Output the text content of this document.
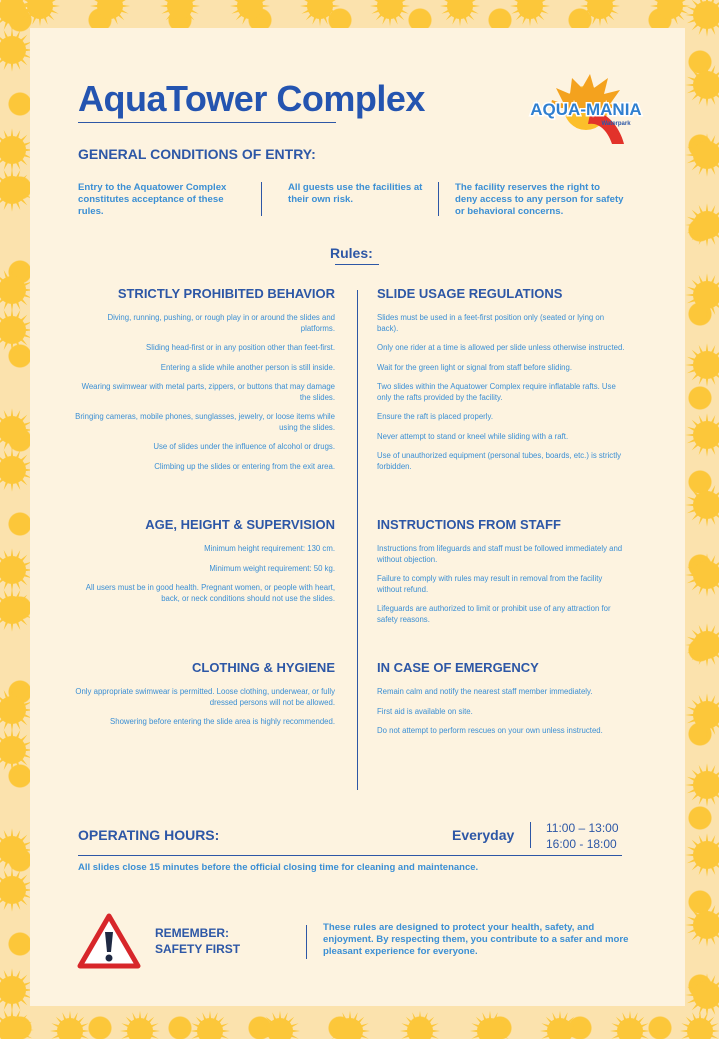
AquaTower Complex	AQUA-MANIA
Waterpark
GENERAL CONDITIONS OF ENTRY:

Entry to the Aquatower Complex constitutes acceptance of these rules.

All guests use the facilities at their own risk.

The facility reserves the right to deny access to any person for safety or behavioral concerns.

Rules:
STRICTLY PROHIBITED BEHAVIOR

Diving, running, pushing, or rough play in or around the slides and platforms.

Sliding head-first or in any position other than feet-first.

Entering a slide while another person is still inside.

Wearing swimwear with metal parts, zippers, or buttons that may damage the slides.

Bringing cameras, mobile phones, sunglasses, jewelry, or loose items while using the slides.

Use of slides under the influence of alcohol or drugs.

Climbing up the slides or entering from the exit area.

AGE, HEIGHT & SUPERVISION

Minimum height requirement: 130 cm.

Minimum weight requirement: 50 kg.

All users must be in good health. Pregnant women, or people with heart, back, or neck conditions should not use the slides.

CLOTHING & HYGIENE

Only appropriate swimwear is permitted. Loose clothing, underwear, or fully dressed persons will not be allowed.

Showering before entering the slide area is highly recommended.

SLIDE USAGE REGULATIONS

Slides must be used in a feet-first position only (seated or lying on back).

Only one rider at a time is allowed per slide unless otherwise instructed.

Wait for the green light or signal from staff before sliding.

Two slides within the Aquatower Complex require inflatable rafts. Use only the rafts provided by the facility.

Ensure the raft is placed properly.

Never attempt to stand or kneel while sliding with a raft.

Use of unauthorized equipment (personal tubes, boards, etc.) is strictly forbidden.

INSTRUCTIONS FROM STAFF

Instructions from lifeguards and staff must be followed immediately and without objection.

Failure to comply with rules may result in removal from the facility without refund.

Lifeguards are authorized to limit or prohibit use of any attraction for safety reasons.

IN CASE OF EMERGENCY

Remain calm and notify the nearest staff member immediately.

First aid is available on site.

Do not attempt to perform rescues on your own unless instructed.

OPERATING HOURS:	Everyday	11:00 – 13:00
16:00 - 18:00

All slides close 15 minutes before the official closing time for cleaning and maintenance.

REMEMBER:
SAFETY FIRST

These rules are designed to protect your health, safety, and enjoyment. By respecting them, you contribute to a safer and more pleasant experience for everyone.
